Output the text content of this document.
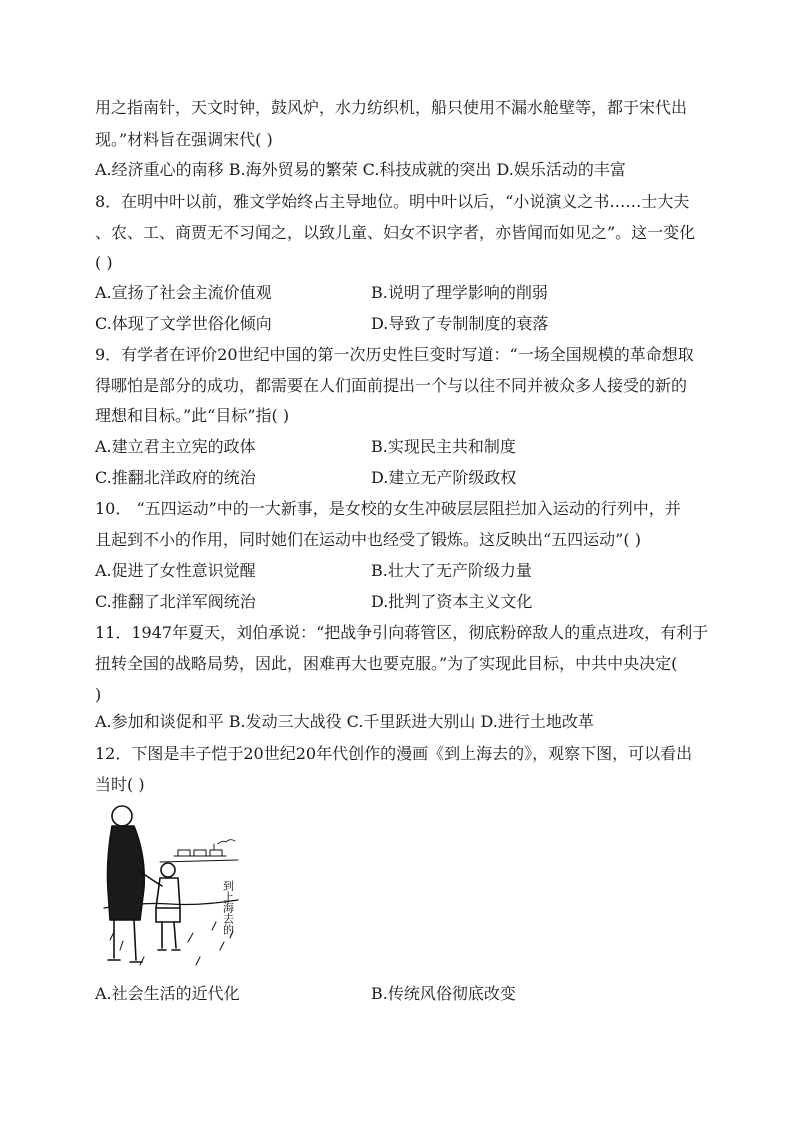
用之指南针，天文时钟，鼓风炉，水力纺织机，船只使用不漏水舱壁等，都于宋代出
现。”材料旨在强调宋代( )
A.经济重心的南移 B.海外贸易的繁荣 C.科技成就的突出 D.娱乐活动的丰富
8．在明中叶以前，雅文学始终占主导地位。明中叶以后，“小说演义之书……士大夫
、农、工、商贾无不习闻之，以致儿童、妇女不识字者，亦皆闻而如见之”。这一变化
( )
A.宣扬了社会主流价值观	B.说明了理学影响的削弱
C.体现了文学世俗化倾向	D.导致了专制制度的衰落
9．有学者在评价20世纪中国的第一次历史性巨变时写道：“一场全国规模的革命想取
得哪怕是部分的成功，都需要在人们面前提出一个与以往不同并被众多人接受的新的
理想和目标。”此“目标”指( )
A.建立君主立宪的政体	B.实现民主共和制度
C.推翻北洋政府的统治	D.建立无产阶级政权
10． “五四运动”中的一大新事，是女校的女生冲破层层阻拦加入运动的行列中，并
且起到不小的作用，同时她们在运动中也经受了锻炼。这反映出“五四运动”( )
A.促进了女性意识觉醒	B.壮大了无产阶级力量
C.推翻了北洋军阀统治	D.批判了资本主义文化
11．1947年夏天，刘伯承说：“把战争引向蒋管区，彻底粉碎敌人的重点进攻，有利于
扭转全国的战略局势，因此，困难再大也要克服。”为了实现此目标，中共中央决定(
)
A.参加和谈促和平 B.发动三大战役 C.千里跃进大别山 D.进行土地改革
12．下图是丰子恺于20世纪20年代创作的漫画《到上海去的》，观察下图，可以看出
当时( )
到上海去的
A.社会生活的近代化	B.传统风俗彻底改变
